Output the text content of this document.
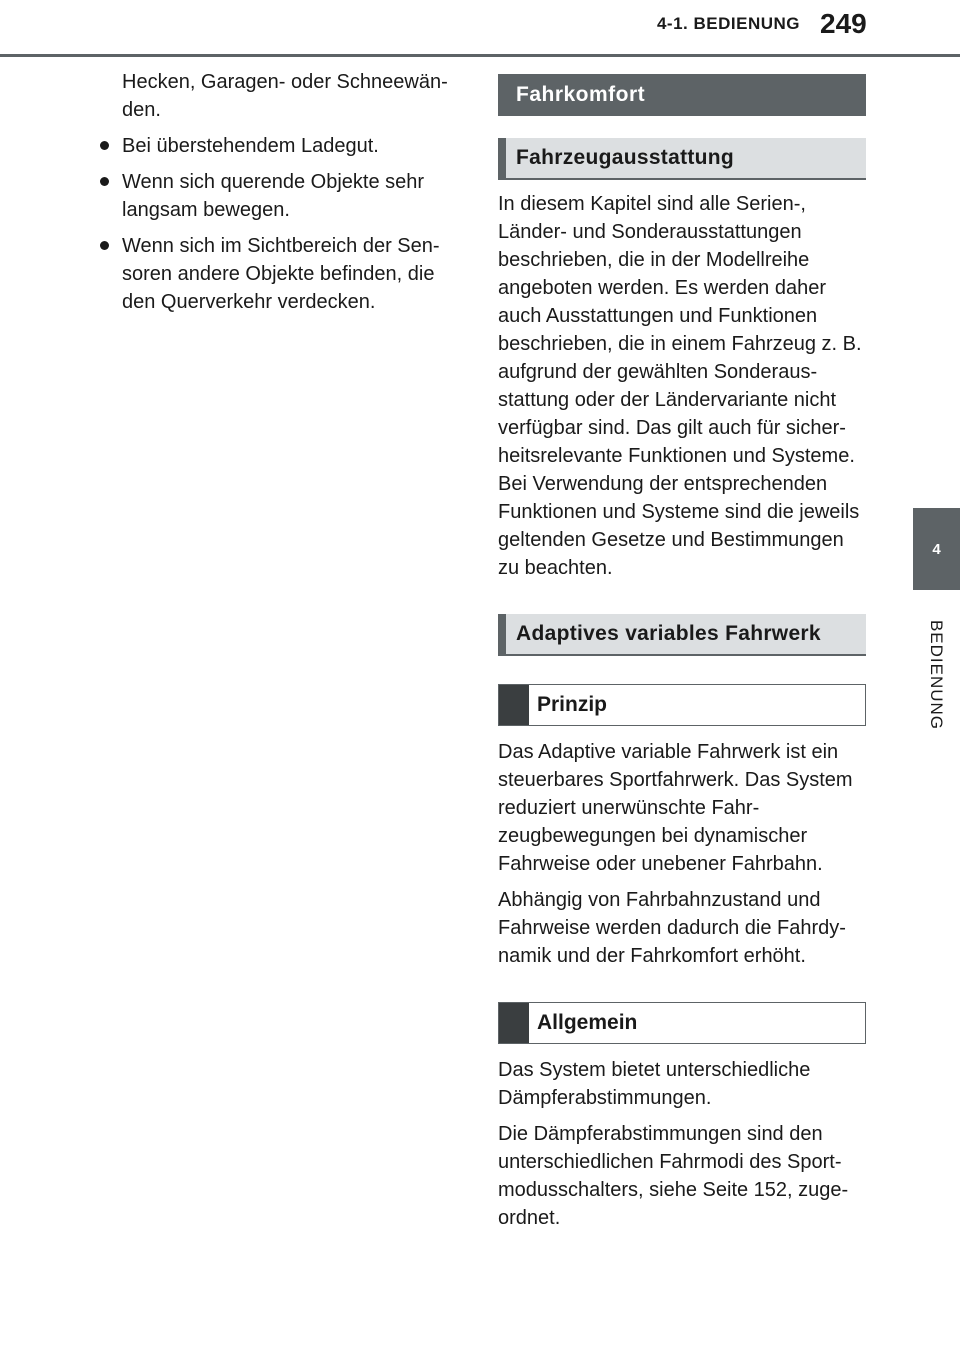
4-1. BEDIENUNG 249
4
BEDIENUNG

Hecken, Garagen- oder Schneewänden.

Bei überstehendem Ladegut.
Wenn sich querende Objekte sehr langsam bewegen.
Wenn sich im Sichtbereich der Sensoren andere Objekte befinden, die den Querverkehr verdecken.
Fahrkomfort
Fahrzeugausstattung

In diesem Kapitel sind alle Serien-, Länder- und Sonderausstattungen beschrieben, die in der Modellreihe angeboten werden. Es werden daher auch Ausstattungen und Funktionen beschrieben, die in einem Fahrzeug z. B. aufgrund der gewählten Sonderausstattung oder der Ländervariante nicht verfügbar sind. Das gilt auch für sicherheitsrelevante Funktionen und Systeme. Bei Verwendung der entsprechenden Funktionen und Systeme sind die jeweils geltenden Gesetze und Bestimmungen zu beachten.

Adaptives variables Fahrwerk
Prinzip

Das Adaptive variable Fahrwerk ist ein steuerbares Sportfahrwerk. Das System reduziert unerwünschte Fahrzeugbewegungen bei dynamischer Fahrweise oder unebener Fahrbahn.

Abhängig von Fahrbahnzustand und Fahrweise werden dadurch die Fahrdynamik und der Fahrkomfort erhöht.

Allgemein

Das System bietet unterschiedliche Dämpferabstimmungen.

Die Dämpferabstimmungen sind den unterschiedlichen Fahrmodi des Sportmodusschalters, siehe Seite 152, zugeordnet.
